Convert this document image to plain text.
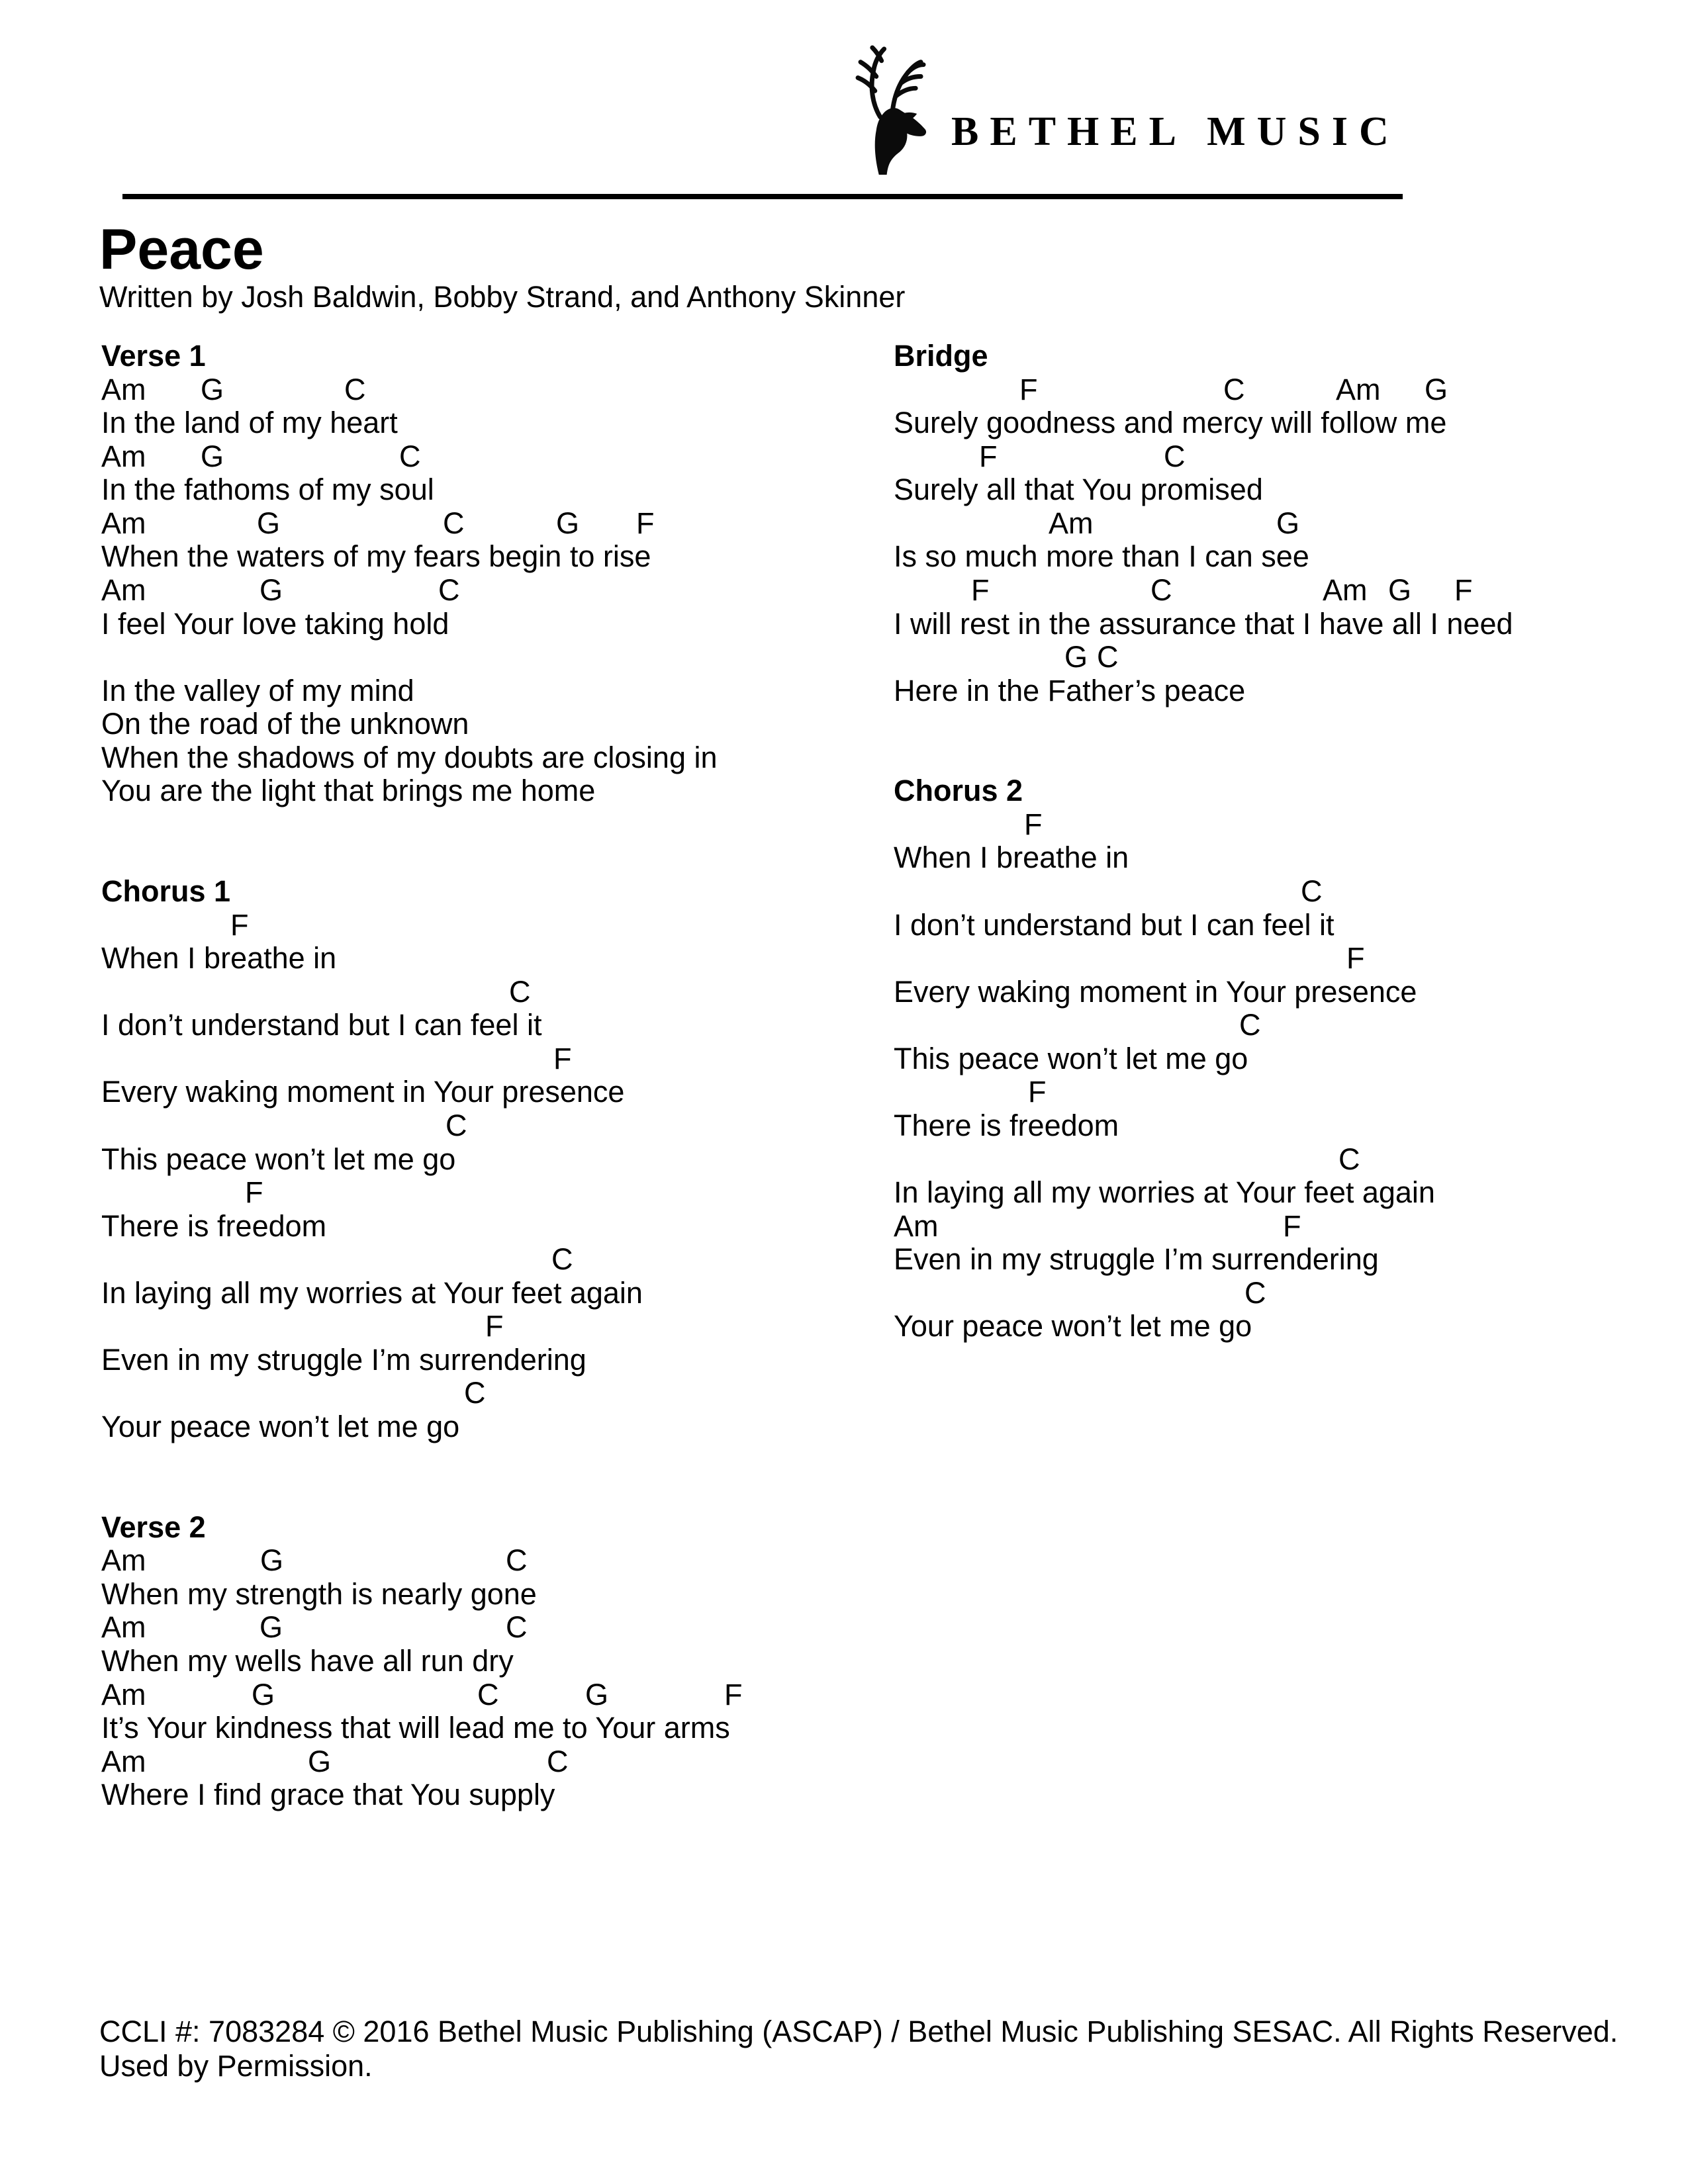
BETHEL MUSIC
Peace
Written by Josh Baldwin, Bobby Strand, and Anthony Skinner
Verse 1
Am G	C
In the land of my heart
Am G	C
In the fathoms of my soul
Am	G	C	G F
When the waters of my fears begin to rise
Am	G	C
I feel Your love taking hold
In the valley of my mind
On the road of the unknown
When the shadows of my doubts are closing in
You are the light that brings me home
Chorus 1
F
When I breathe in
C
I don’t understand but I can feel it
F
Every waking moment in Your presence
C
This peace won’t let me go
F
There is freedom
C
In laying all my worries at Your feet again
F
Even in my struggle I’m surrendering
C
Your peace won’t let me go
Verse 2
Am	G	C
When my strength is nearly gone
Am	G	C
When my wells have all run dry
Am	G	C	G	F
It’s Your kindness that will lead me to Your arms
Am	G	C
Where I find grace that You supply
Bridge
F	C	Am G
Surely goodness and mercy will follow me
F	C
Surely all that You promised
Am	G
Is so much more than I can see
F	C	Am G F
I will rest in the assurance that I have all I need
G C
Here in the Father’s peace
Chorus 2
F
When I breathe in
C
I don’t understand but I can feel it
F
Every waking moment in Your presence
C
This peace won’t let me go
F
There is freedom
C
In laying all my worries at Your feet again
Am	F
Even in my struggle I’m surrendering
C
Your peace won’t let me go
CCLI #: 7083284 © 2016 Bethel Music Publishing (ASCAP) / Bethel Music Publishing SESAC. All Rights Reserved.
Used by Permission.
